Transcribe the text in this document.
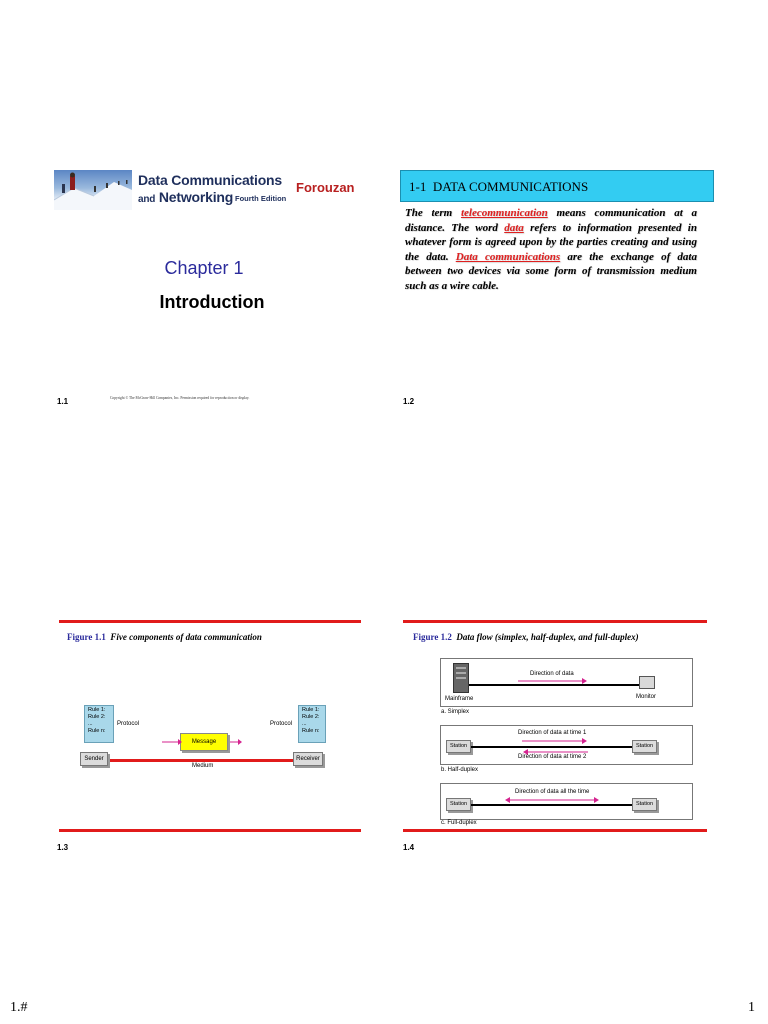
Data Communications
and Networking Fourth Edition
Forouzan
Chapter 1
Introduction
1.1	Copyright © The McGraw-Hill Companies, Inc. Permission required for reproduction or display.
1-1 DATA COMMUNICATIONS
The term telecommunication means communication at a distance. The word data refers to information presented in whatever form is agreed upon by the parties creating and using the data. Data communications are the exchange of data between two devices via some form of transmission medium such as a wire cable.
1.2
Figure 1.1 Five components of data communication
Rule 1:
Rule 2:
...
Rule n:
Protocol
Rule 1:
Rule 2:
...
Rule n:
Protocol
Sender	Receiver
Message
Medium
1.3
Figure 1.2 Data flow (simplex, half-duplex, and full-duplex)
Direction of data
Mainframe	Monitor
a. Simplex
Station	Station
Direction of data at time 1
Direction of data at time 2
b. Half-duplex
Station	Station
Direction of data all the time
c. Full-duplex
1.4
1.#	1
